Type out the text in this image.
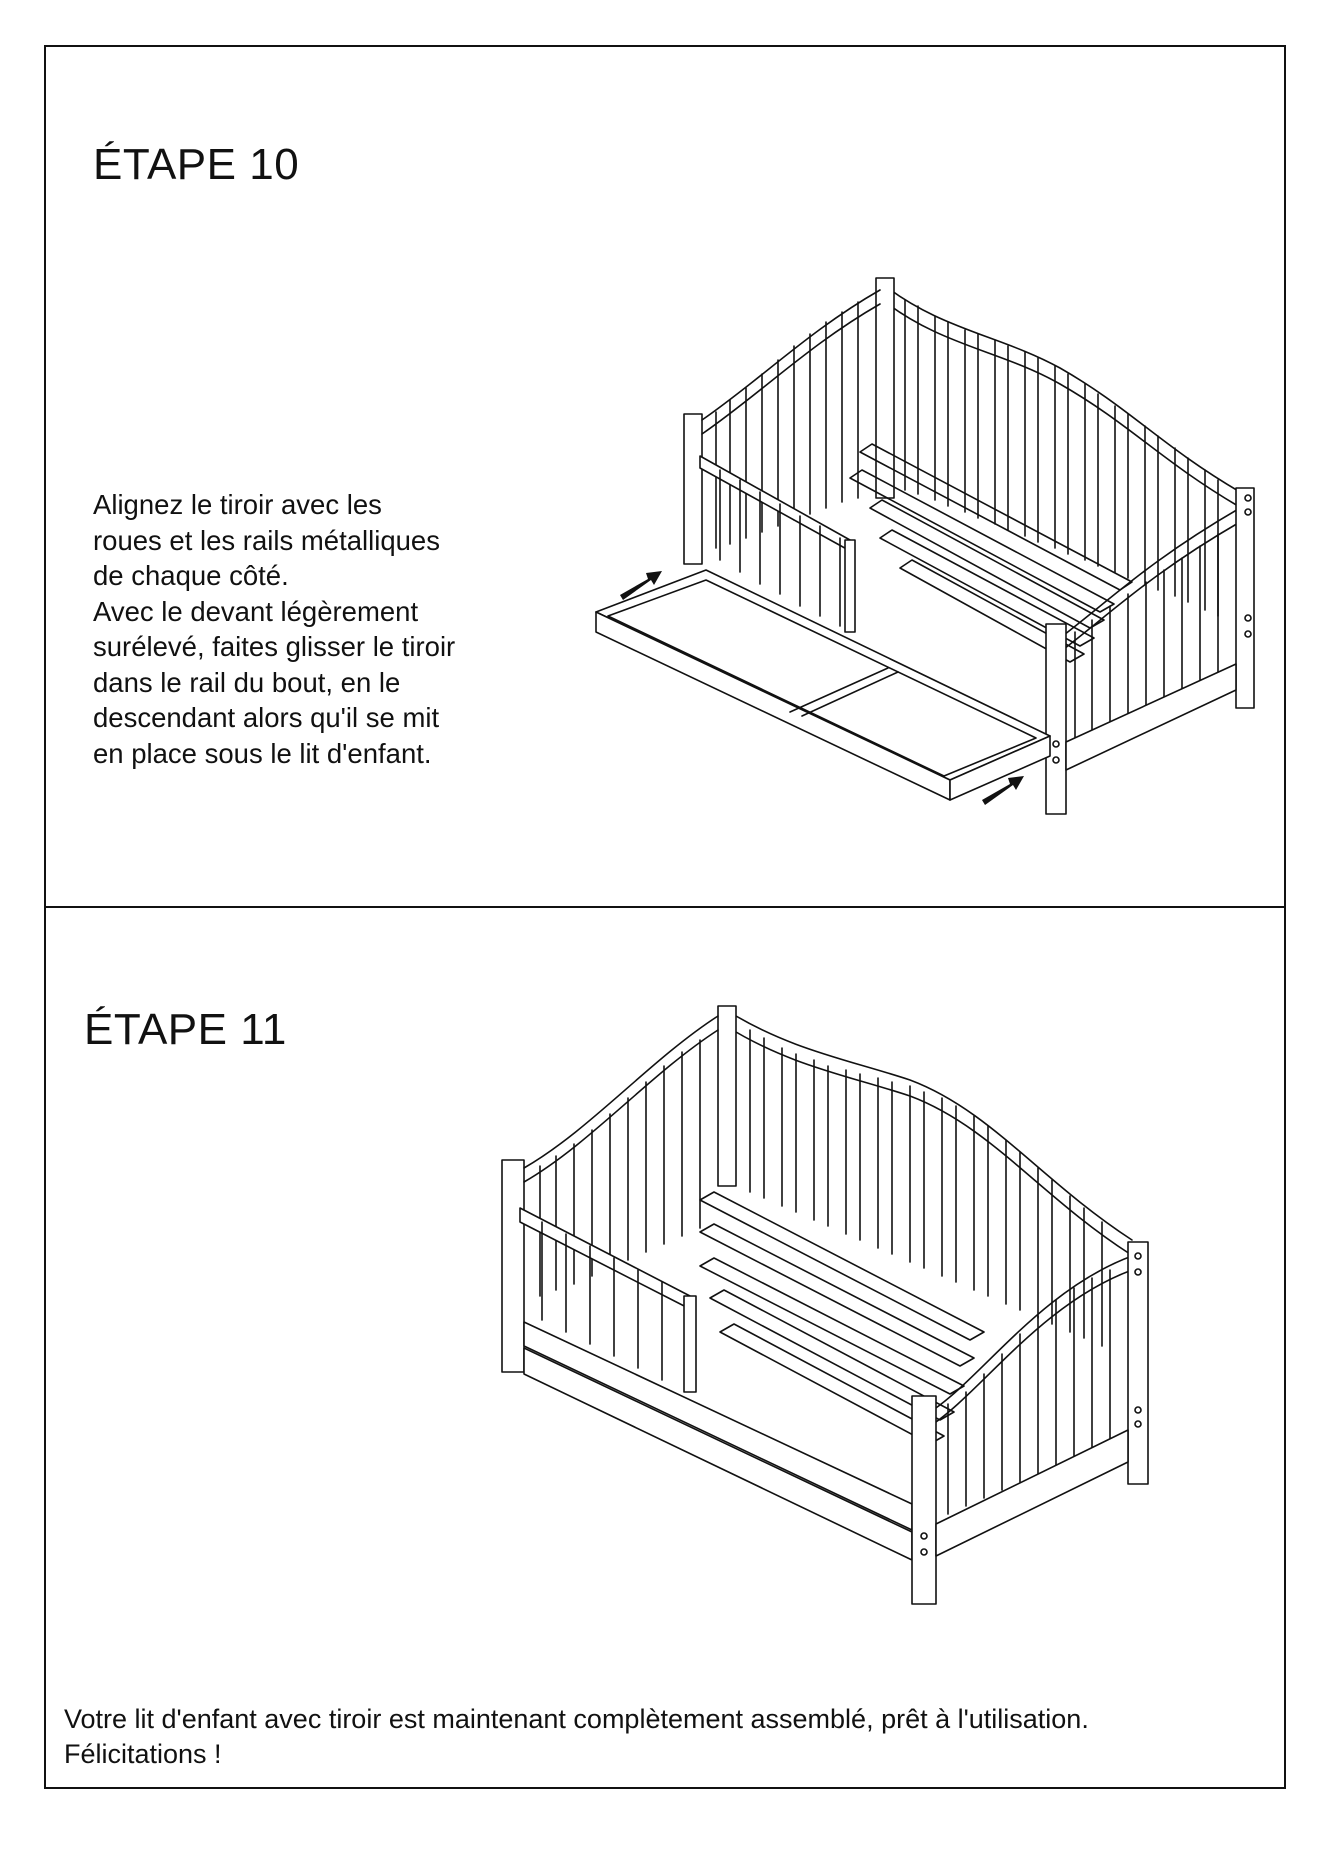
ÉTAPE 10
Alignez le tiroir avec les
roues et les rails métalliques
de chaque côté.
Avec le devant légèrement
surélevé, faites glisser le tiroir
dans le rail du bout, en le
descendant alors qu'il se mit
en place sous le lit d'enfant.
ÉTAPE 11
Votre lit d'enfant avec tiroir est maintenant complètement assemblé, prêt à l'utilisation.
Félicitations !
